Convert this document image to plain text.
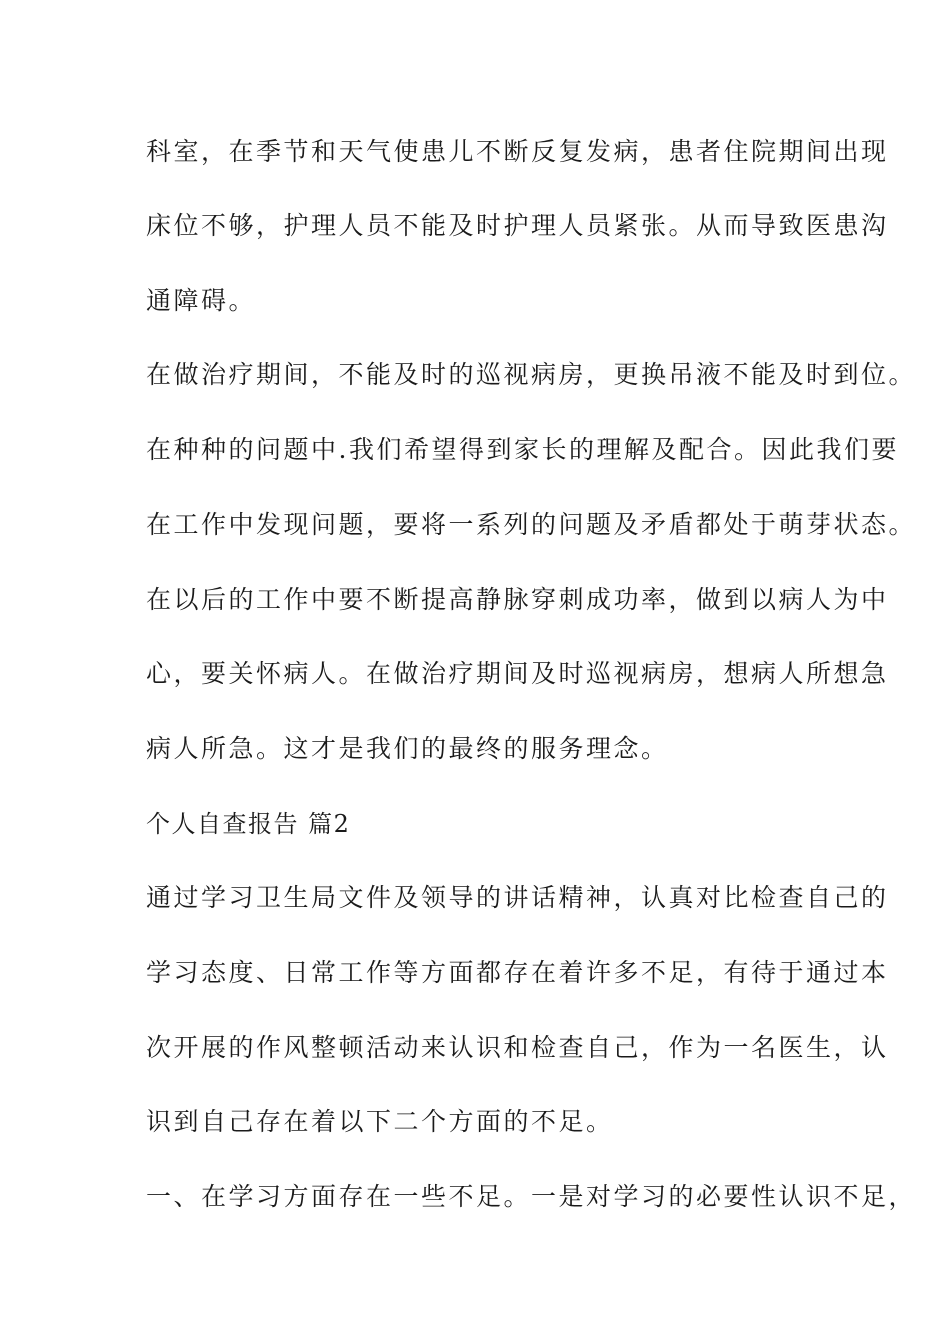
科室，在季节和天气使患儿不断反复发病，患者住院期间出现
床位不够，护理人员不能及时护理人员紧张。从而导致医患沟
通障碍。
在做治疗期间，不能及时的巡视病房，更换吊液不能及时到位。
在种种的问题中.我们希望得到家长的理解及配合。因此我们要
在工作中发现问题，要将一系列的问题及矛盾都处于萌芽状态。
在以后的工作中要不断提高静脉穿刺成功率，做到以病人为中
心，要关怀病人。在做治疗期间及时巡视病房，想病人所想急
病人所急。这才是我们的最终的服务理念。
个人自查报告 篇2
通过学习卫生局文件及领导的讲话精神，认真对比检查自己的
学习态度、日常工作等方面都存在着许多不足，有待于通过本
次开展的作风整顿活动来认识和检查自己，作为一名医生，认
识到自己存在着以下二个方面的不足。
一、在学习方面存在一些不足。一是对学习的必要性认识不足，
